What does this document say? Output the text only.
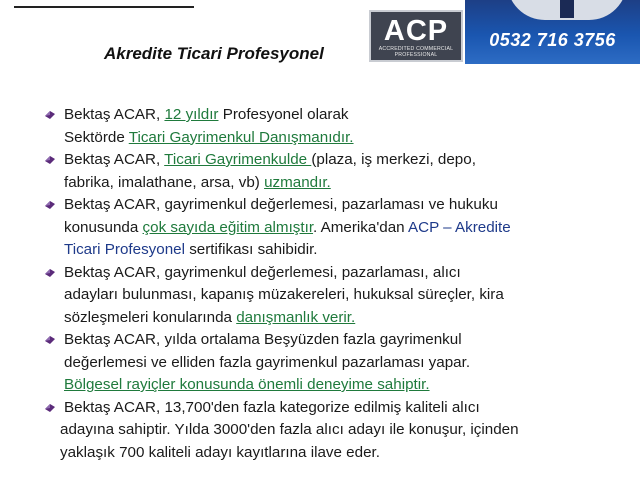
Akredite Ticari Profesyonel
ACP
ACCREDITED COMMERCIAL
PROFESSIONAL
0532 716 3756
Bektaş ACAR, 12 yıldır Profesyonel olarak
Sektörde Ticari Gayrimenkul Danışmanıdır.
Bektaş ACAR, Ticari Gayrimenkulde (plaza, iş merkezi, depo,
fabrika, imalathane, arsa, vb) uzmandır.
Bektaş ACAR, gayrimenkul değerlemesi, pazarlaması ve hukuku
konusunda çok sayıda eğitim almıştır. Amerika'dan ACP – Akredite
Ticari Profesyonel sertifikası sahibidir.
Bektaş ACAR, gayrimenkul değerlemesi, pazarlaması, alıcı
adayları bulunması, kapanış müzakereleri, hukuksal süreçler, kira
sözleşmeleri konularında danışmanlık verir.
Bektaş ACAR, yılda ortalama Beşyüzden fazla gayrimenkul
değerlemesi ve elliden fazla gayrimenkul pazarlaması yapar.
Bölgesel rayiçler konusunda önemli deneyime sahiptir.
Bektaş ACAR, 13,700'den fazla kategorize edilmiş kaliteli alıcı
adayına sahiptir. Yılda 3000'den fazla alıcı adayı ile konuşur, içinden
yaklaşık 700 kaliteli adayı kayıtlarına ilave eder.
